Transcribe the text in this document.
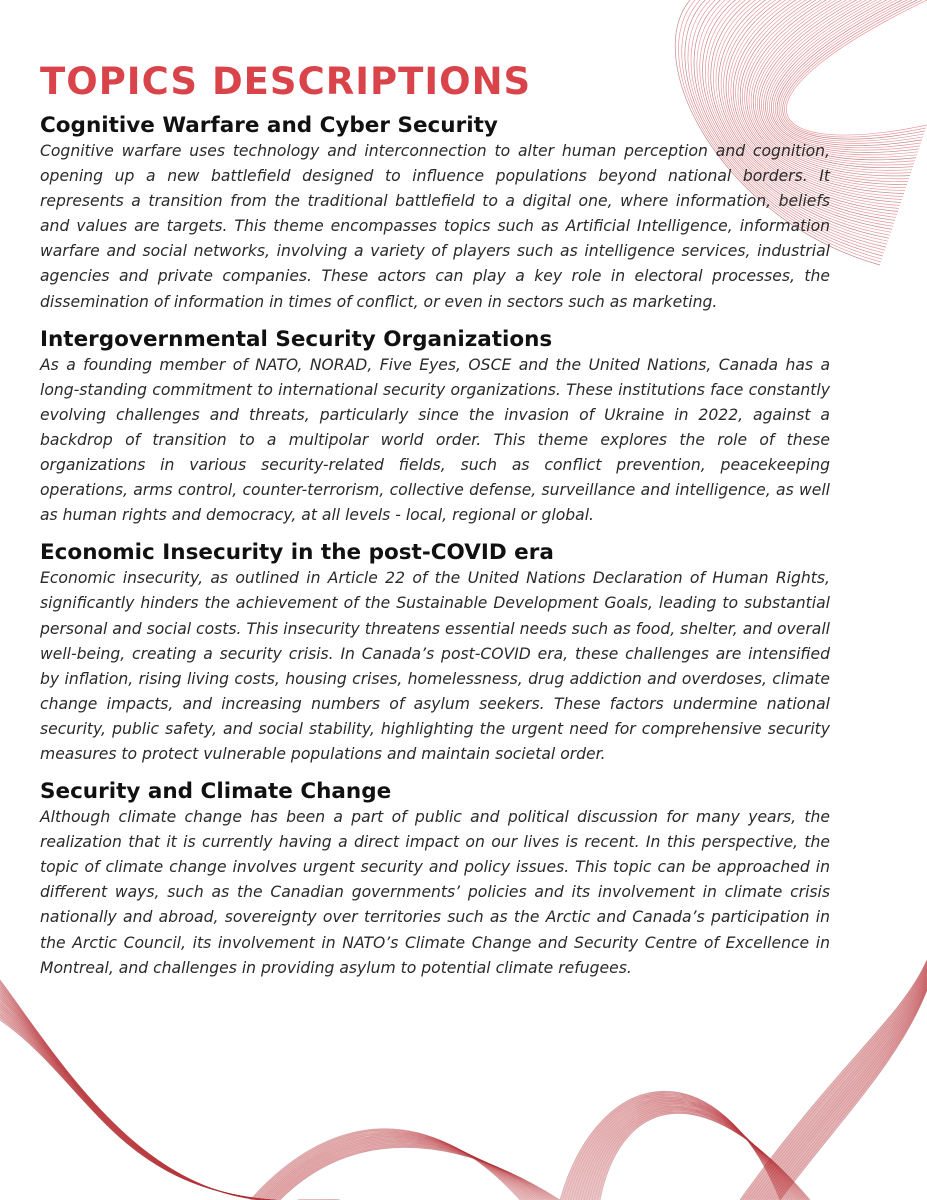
TOPICS DESCRIPTIONS
Cognitive Warfare and Cyber Security

Cognitive warfare uses technology and interconnection to alter human perception and cognition, opening up a new battlefield designed to influence populations beyond national borders. It represents a transition from the traditional battlefield to a digital one, where information, beliefs and values are targets. This theme encompasses topics such as Artificial Intelligence, information warfare and social networks, involving a variety of players such as intelligence services, industrial agencies and private companies. These actors can play a key role in electoral processes, the dissemination of information in times of conflict, or even in sectors such as marketing.

Intergovernmental Security Organizations

As a founding member of NATO, NORAD, Five Eyes, OSCE and the United Nations, Canada has a long-standing commitment to international security organizations. These institutions face constantly evolving challenges and threats, particularly since the invasion of Ukraine in 2022, against a backdrop of transition to a multipolar world order. This theme explores the role of these organizations in various security-related fields, such as conflict prevention, peacekeeping operations, arms control, counter-terrorism, collective defense, surveillance and intelligence, as well as human rights and democracy, at all levels - local, regional or global.

Economic Insecurity in the post-COVID era

Economic insecurity, as outlined in Article 22 of the United Nations Declaration of Human Rights, significantly hinders the achievement of the Sustainable Development Goals, leading to substantial personal and social costs. This insecurity threatens essential needs such as food, shelter, and overall well-being, creating a security crisis. In Canada’s post-COVID era, these challenges are intensified by inflation, rising living costs, housing crises, homelessness, drug addiction and overdoses, climate change impacts, and increasing numbers of asylum seekers. These factors undermine national security, public safety, and social stability, highlighting the urgent need for comprehensive security measures to protect vulnerable populations and maintain societal order.

Security and Climate Change

Although climate change has been a part of public and political discussion for many years, the realization that it is currently having a direct impact on our lives is recent. In this perspective, the topic of climate change involves urgent security and policy issues. This topic can be approached in different ways, such as the Canadian governments’ policies and its involvement in climate crisis nationally and abroad, sovereignty over territories such as the Arctic and Canada’s participation in the Arctic Council, its involvement in NATO’s Climate Change and Security Centre of Excellence in Montreal, and challenges in providing asylum to potential climate refugees.
